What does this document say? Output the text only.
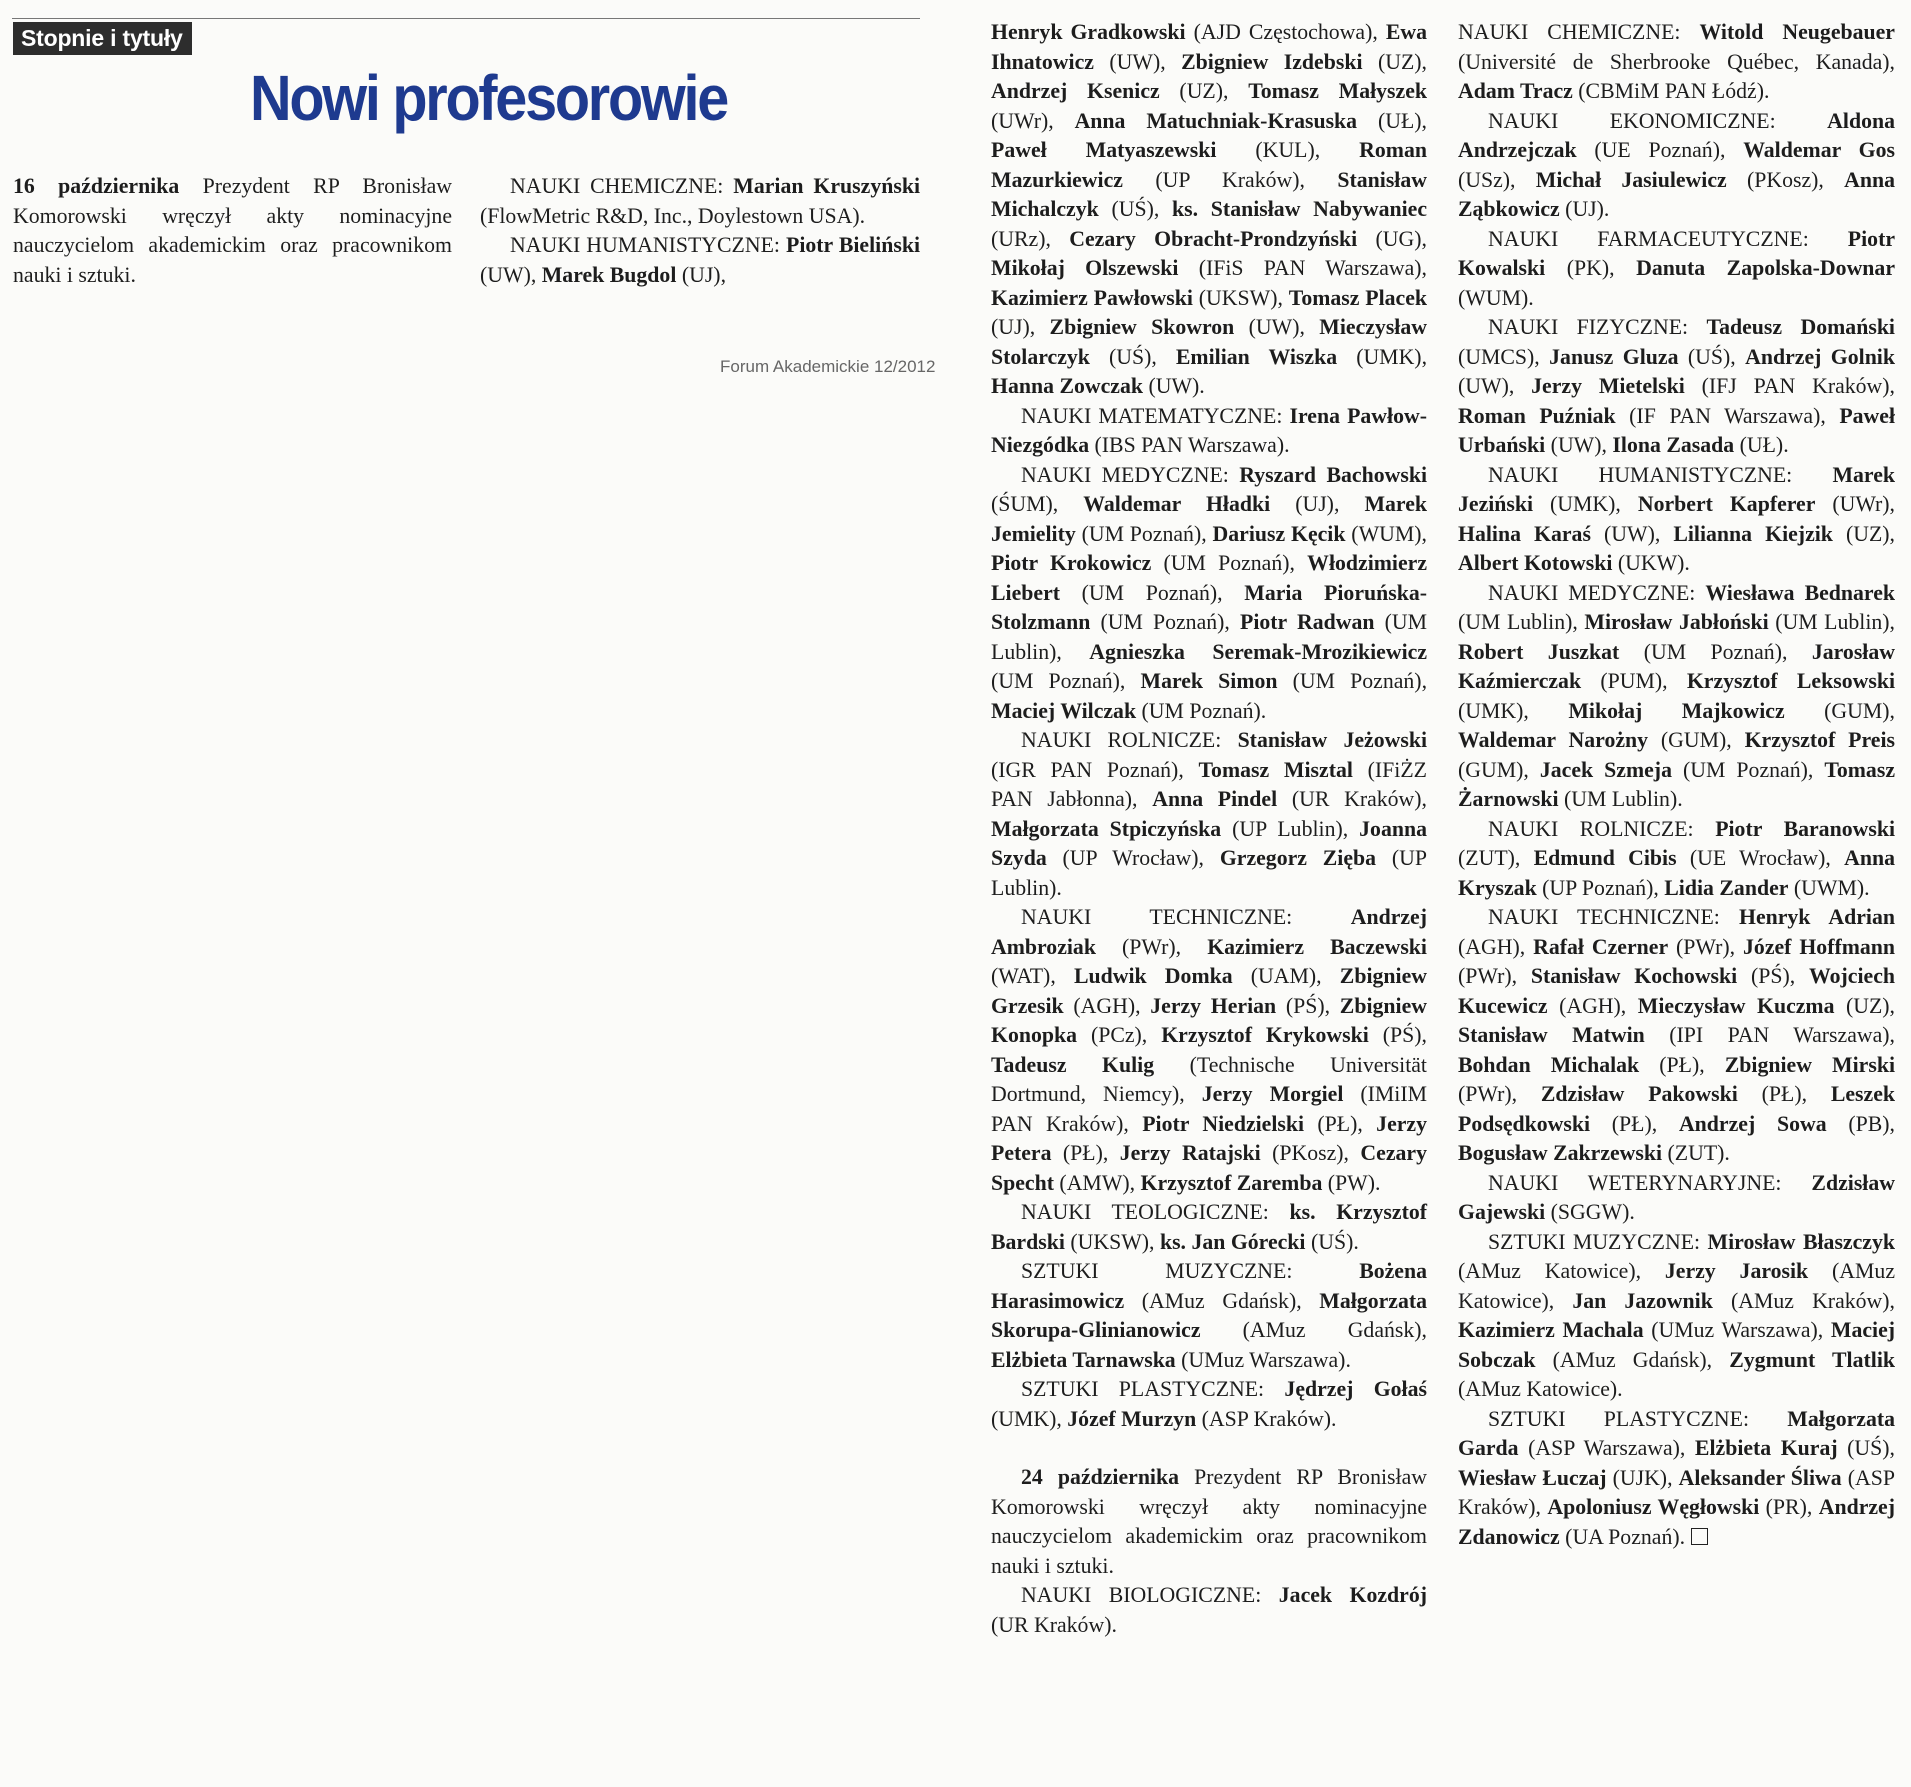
Stopnie i tytuły
Nowi profesorowie

16 października Prezydent RP Bronisław Komorowski wręczył akty nominacyjne nauczycielom akademickim oraz pracownikom nauki i sztuki.

NAUKI CHEMICZNE: Marian Kruszyński (FlowMetric R&D, Inc., Doylestown USA).

NAUKI HUMANISTYCZNE: Piotr Bieliński (UW), Marek Bugdol (UJ),

Forum Akademickie 12/2012

Henryk Gradkowski (AJD Częstochowa), Ewa Ihnatowicz (UW), Zbigniew Izdebski (UZ), Andrzej Ksenicz (UZ), Tomasz Małyszek (UWr), Anna Matuchniak-Krasuska (UŁ), Paweł Matyaszewski (KUL), Roman Mazurkiewicz (UP Kraków), Stanisław Michalczyk (UŚ), ks. Stanisław Nabywaniec (URz), Cezary Obracht-Prondzyński (UG), Mikołaj Olszewski (IFiS PAN Warszawa), Kazimierz Pawłowski (UKSW), Tomasz Placek (UJ), Zbigniew Skowron (UW), Mieczysław Stolarczyk (UŚ), Emilian Wiszka (UMK), Hanna Zowczak (UW).

NAUKI MATEMATYCZNE: Irena Pawłow-Niezgódka (IBS PAN Warszawa).

NAUKI MEDYCZNE: Ryszard Bachowski (ŚUM), Waldemar Hładki (UJ), Marek Jemielity (UM Poznań), Dariusz Kęcik (WUM), Piotr Krokowicz (UM Poznań), Włodzimierz Liebert (UM Poznań), Maria Pioruńska-Stolzmann (UM Poznań), Piotr Radwan (UM Lublin), Agnieszka Seremak-Mrozikiewicz (UM Poznań), Marek Simon (UM Poznań), Maciej Wilczak (UM Poznań).

NAUKI ROLNICZE: Stanisław Jeżowski (IGR PAN Poznań), Tomasz Misztal (IFiŻZ PAN Jabłonna), Anna Pindel (UR Kraków), Małgorzata Stpiczyńska (UP Lublin), Joanna Szyda (UP Wrocław), Grzegorz Zięba (UP Lublin).

NAUKI TECHNICZNE: Andrzej Ambroziak (PWr), Kazimierz Baczewski (WAT), Ludwik Domka (UAM), Zbigniew Grzesik (AGH), Jerzy Herian (PŚ), Zbigniew Konopka (PCz), Krzysztof Krykowski (PŚ), Tadeusz Kulig (Technische Universität Dortmund, Niemcy), Jerzy Morgiel (IMiIM PAN Kraków), Piotr Niedzielski (PŁ), Jerzy Petera (PŁ), Jerzy Ratajski (PKosz), Cezary Specht (AMW), Krzysztof Zaremba (PW).

NAUKI TEOLOGICZNE: ks. Krzysztof Bardski (UKSW), ks. Jan Górecki (UŚ).

SZTUKI MUZYCZNE: Bożena Harasimowicz (AMuz Gdańsk), Małgorzata Skorupa-Glinianowicz (AMuz Gdańsk), Elżbieta Tarnawska (UMuz Warszawa).

SZTUKI PLASTYCZNE: Jędrzej Gołaś (UMK), Józef Murzyn (ASP Kraków).

24 października Prezydent RP Bronisław Komorowski wręczył akty nominacyjne nauczycielom akademickim oraz pracownikom nauki i sztuki.

NAUKI BIOLOGICZNE: Jacek Kozdrój (UR Kraków).

NAUKI CHEMICZNE: Witold Neugebauer (Université de Sherbrooke Québec, Kanada), Adam Tracz (CBMiM PAN Łódź).

NAUKI EKONOMICZNE: Aldona Andrzejczak (UE Poznań), Waldemar Gos (USz), Michał Jasiulewicz (PKosz), Anna Ząbkowicz (UJ).

NAUKI FARMACEUTYCZNE: Piotr Kowalski (PK), Danuta Zapolska-Downar (WUM).

NAUKI FIZYCZNE: Tadeusz Domański (UMCS), Janusz Gluza (UŚ), Andrzej Golnik (UW), Jerzy Mietelski (IFJ PAN Kraków), Roman Puźniak (IF PAN Warszawa), Paweł Urbański (UW), Ilona Zasada (UŁ).

NAUKI HUMANISTYCZNE: Marek Jeziński (UMK), Norbert Kapferer (UWr), Halina Karaś (UW), Lilianna Kiejzik (UZ), Albert Kotowski (UKW).

NAUKI MEDYCZNE: Wiesława Bednarek (UM Lublin), Mirosław Jabłoński (UM Lublin), Robert Juszkat (UM Poznań), Jarosław Kaźmierczak (PUM), Krzysztof Leksowski (UMK), Mikołaj Majkowicz (GUM), Waldemar Narożny (GUM), Krzysztof Preis (GUM), Jacek Szmeja (UM Poznań), Tomasz Żarnowski (UM Lublin).

NAUKI ROLNICZE: Piotr Baranowski (ZUT), Edmund Cibis (UE Wrocław), Anna Kryszak (UP Poznań), Lidia Zander (UWM).

NAUKI TECHNICZNE: Henryk Adrian (AGH), Rafał Czerner (PWr), Józef Hoffmann (PWr), Stanisław Kochowski (PŚ), Wojciech Kucewicz (AGH), Mieczysław Kuczma (UZ), Stanisław Matwin (IPI PAN Warszawa), Bohdan Michalak (PŁ), Zbigniew Mirski (PWr), Zdzisław Pakowski (PŁ), Leszek Podsędkowski (PŁ), Andrzej Sowa (PB), Bogusław Zakrzewski (ZUT).

NAUKI WETERYNARYJNE: Zdzisław Gajewski (SGGW).

SZTUKI MUZYCZNE: Mirosław Błaszczyk (AMuz Katowice), Jerzy Jarosik (AMuz Katowice), Jan Jazownik (AMuz Kraków), Kazimierz Machala (UMuz Warszawa), Maciej Sobczak (AMuz Gdańsk), Zygmunt Tlatlik (AMuz Katowice).

SZTUKI PLASTYCZNE: Małgorzata Garda (ASP Warszawa), Elżbieta Kuraj (UŚ), Wiesław Łuczaj (UJK), Aleksander Śliwa (ASP Kraków), Apoloniusz Węgłowski (PR), Andrzej Zdanowicz (UA Poznań).
